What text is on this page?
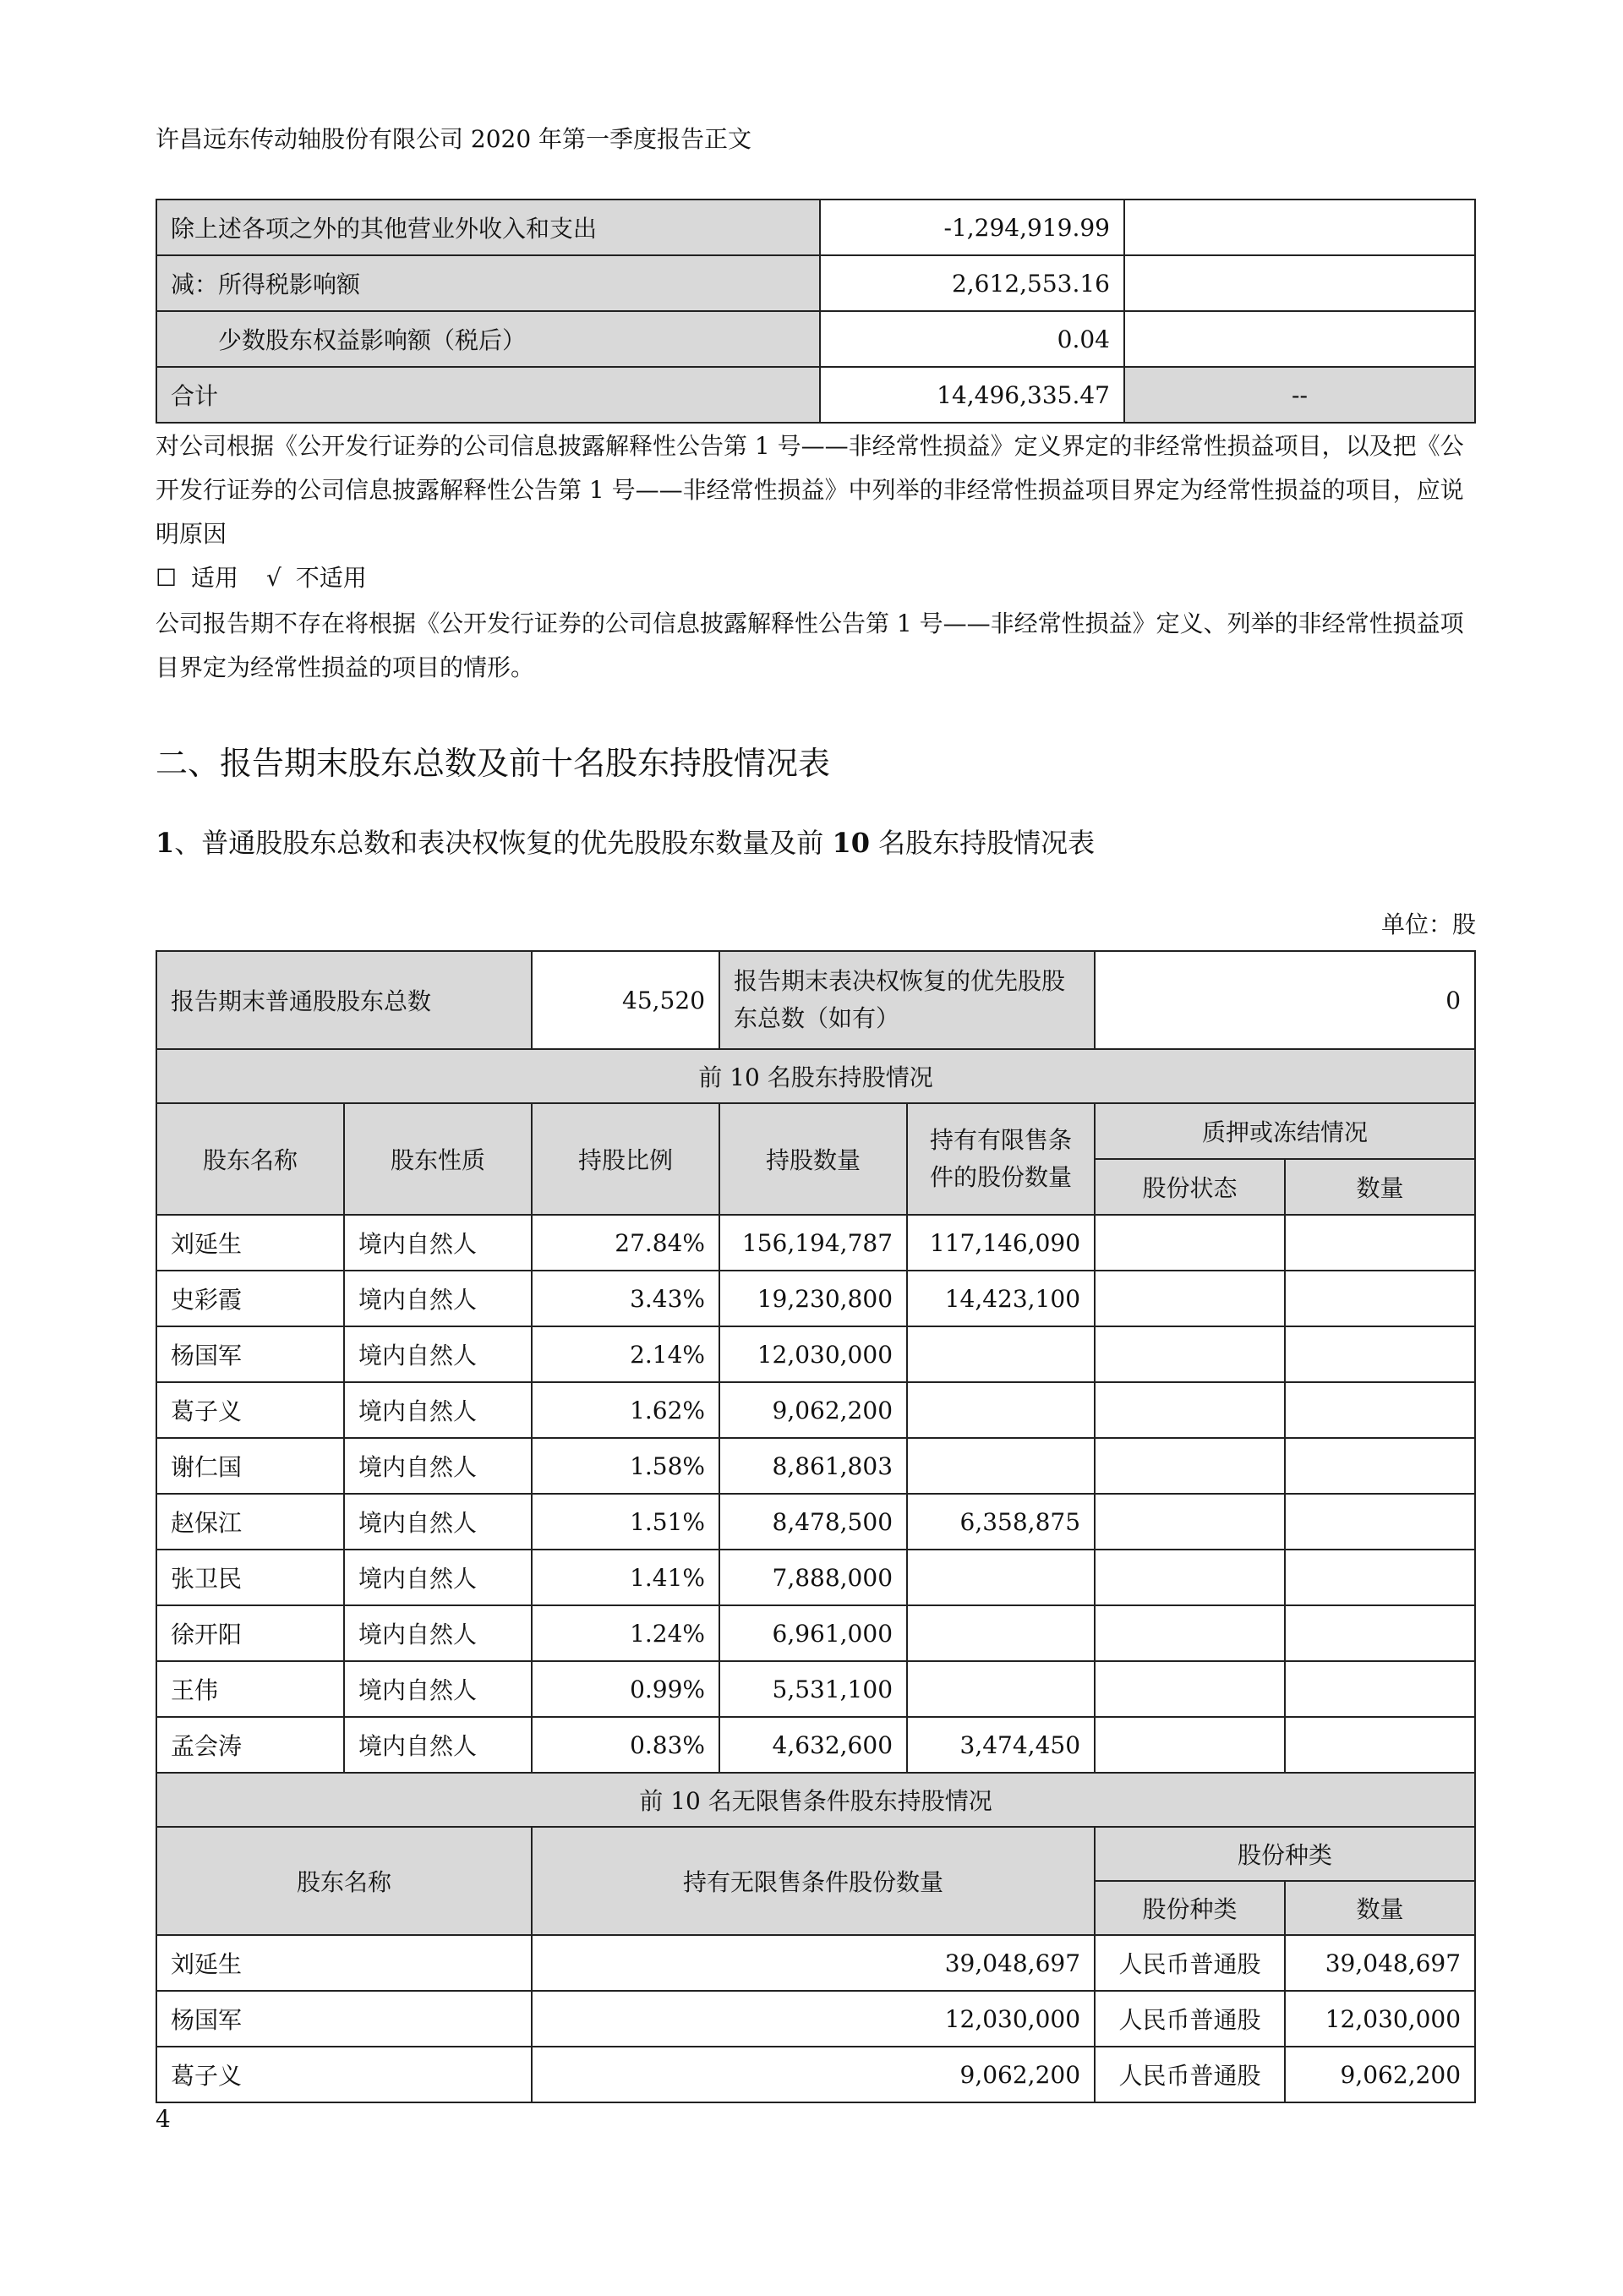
许昌远东传动轴股份有限公司 2020 年第一季度报告正文
除上述各项之外的其他营业外收入和支出	-1,294,919.99	
减：所得税影响额	2,612,553.16	
少数股东权益影响额（税后）	0.04	
合计	14,496,335.47	--
对公司根据《公开发行证券的公司信息披露解释性公告第 1 号——非经常性损益》定义界定的非经常性损益项目，以及把《公开发行证券的公司信息披露解释性公告第 1 号——非经常性损益》中列举的非经常性损益项目界定为经常性损益的项目，应说明原因
☐ 适用 √ 不适用
公司报告期不存在将根据《公开发行证券的公司信息披露解释性公告第 1 号——非经常性损益》定义、列举的非经常性损益项目界定为经常性损益的项目的情形。
二、报告期末股东总数及前十名股东持股情况表
1、普通股股东总数和表决权恢复的优先股股东数量及前 10 名股东持股情况表
单位：股
报告期末普通股股东总数		45,520	报告期末表决权恢复的优先股股东总数（如有）		0	
前 10 名股东持股情况						
股东名称	股东性质	持股比例	持股数量	持有有限售条件的股份数量	质押或冻结情况	
					股份状态	数量
刘延生	境内自然人	27.84%	156,194,787	117,146,090		
史彩霞	境内自然人	3.43%	19,230,800	14,423,100		
杨国军	境内自然人	2.14%	12,030,000			
葛子义	境内自然人	1.62%	9,062,200			
谢仁国	境内自然人	1.58%	8,861,803			
赵保江	境内自然人	1.51%	8,478,500	6,358,875		
张卫民	境内自然人	1.41%	7,888,000			
徐开阳	境内自然人	1.24%	6,961,000			
王伟	境内自然人	0.99%	5,531,100			
孟会涛	境内自然人	0.83%	4,632,600	3,474,450		
前 10 名无限售条件股东持股情况						
股东名称		持有无限售条件股份数量			股份种类	
					股份种类	数量
刘延生		39,048,697			人民币普通股	39,048,697
杨国军		12,030,000			人民币普通股	12,030,000
葛子义		9,062,200			人民币普通股	9,062,200
4
